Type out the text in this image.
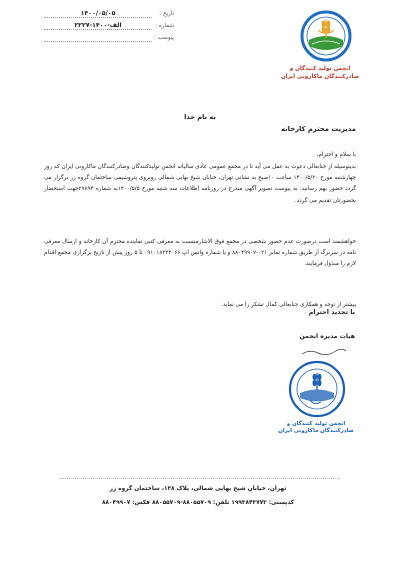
تاریخ :
۱۴۰۰/۰۵/۰۵
شماره :
۲۲۲۷-الف-۱۴۰۰
پیوست :
انجمن تولید کنندگان و
صادرکنندگان ماکارونی ایران
به نام خدا
مدیریت محترم کارخانه
با سلام و احترام،
بدینوسیله از جنابعالی دعوت به عمل می آید تا در مجمع عمومی عادی سالیانه انجمن تولیدکنندگان وصادرکنندگان ماکارونی ایران که روز چهارشنبه مورخ ۱۴۰۰/۵/۲۰ ساعت ۱۰صبح به نشانی تهران، خیابان شیخ بهایی شمالی روبروی پتروشیمی ساختمان گروه زر برگزار می گردد حضور بهم رسانید. به پیوست تصویر آگهی مندرج در روزنامه اطلاعات سه شنبه مورخ ۱۴۰۰/۵/۵به شماره ۲۷۸۹۴جهت استحضار بحضورتان تقدیم می گردد.
خواهشمند است درصورت عدم حضور شخصی در مجمع فوق الاشارمنسبت به معرفی کتبی نماینده محترم آن کارخانه و ارسال معرفی نامه در سربرگ از طریق شماره نمابر ۰۲۱-۸۸۰۴۹۹۰۷ و یا شماره واتس اپ ۰۹۱۰۱۸۳۲۴۰۶۶ تا ۵ روز پیش از تاریخ برگزاری مجمع اقدام لازم را مبذول فرمایند.
پیشتر از توجه و همکاری جنابعالی کمال تشکر را می نماید.
با تجدید احترام
هیات مدیره انجمن
انجمن تولید کنندگان و
صادرکنندگان ماکارونی ایران
تهران، خیابان شیخ بهایی شمالی، پلاک ۱۳۸، ساختمان گروه زر
کدپستی: ۱۹۹۳۸۴۳۷۷۳ تلفن: ۸۸۰۵۵۷۰۹-۸۸۰۵۵۷۰۹ فکس: ۸۸۰۴۹۹۰۷
